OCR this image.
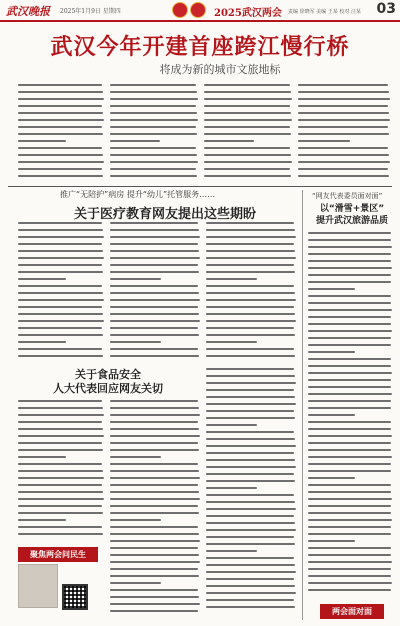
武汉晚报 2025年1月9日 星期四	2025武汉两会 责编 徐晓军 美编 王某 校对 汪某 03
武汉今年开建首座跨江慢行桥
将成为新的城市文旅地标
推广“无陪护”病房 提升“幼儿”托管服务……
关于医疗教育网友提出这些期盼
关于食品安全
人大代表回应网友关切
聚焦两会问民生
“网友代表委员面对面”
以“滑雪+景区”
提升武汉旅游品质
两会面对面
